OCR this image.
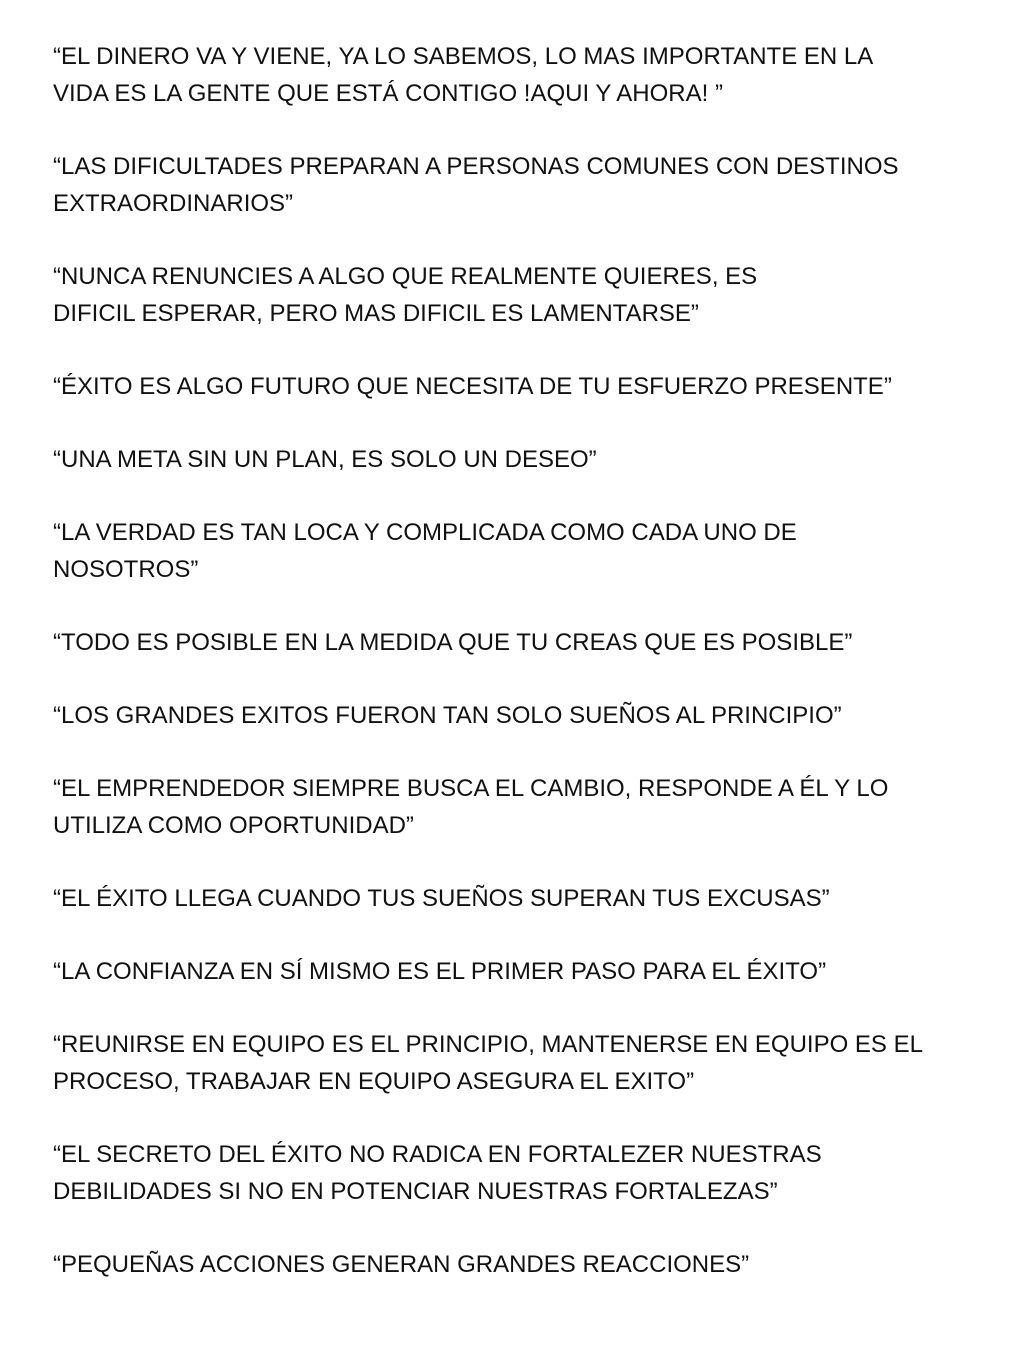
“EL DINERO VA Y VIENE, YA LO SABEMOS, LO MAS IMPORTANTE EN LA
VIDA ES LA GENTE QUE ESTÁ CONTIGO !AQUI Y AHORA! ”
“LAS DIFICULTADES PREPARAN A PERSONAS COMUNES CON DESTINOS
EXTRAORDINARIOS”
“NUNCA RENUNCIES A ALGO QUE REALMENTE QUIERES, ES
DIFICIL ESPERAR, PERO MAS DIFICIL ES LAMENTARSE”
“ÉXITO ES ALGO FUTURO QUE NECESITA DE TU ESFUERZO PRESENTE”
“UNA META SIN UN PLAN, ES SOLO UN DESEO”
“LA VERDAD ES TAN LOCA Y COMPLICADA COMO CADA UNO DE
NOSOTROS”
“TODO ES POSIBLE EN LA MEDIDA QUE TU CREAS QUE ES POSIBLE”
“LOS GRANDES EXITOS FUERON TAN SOLO SUEÑOS AL PRINCIPIO”
“EL EMPRENDEDOR SIEMPRE BUSCA EL CAMBIO, RESPONDE A ÉL Y LO
UTILIZA COMO OPORTUNIDAD”
“EL ÉXITO LLEGA CUANDO TUS SUEÑOS SUPERAN TUS EXCUSAS”
“LA CONFIANZA EN SÍ MISMO ES EL PRIMER PASO PARA EL ÉXITO”
“REUNIRSE EN EQUIPO ES EL PRINCIPIO, MANTENERSE EN EQUIPO ES EL
PROCESO, TRABAJAR EN EQUIPO ASEGURA EL EXITO”
“EL SECRETO DEL ÉXITO NO RADICA EN FORTALEZER NUESTRAS
DEBILIDADES SI NO EN POTENCIAR NUESTRAS FORTALEZAS”
“PEQUEÑAS ACCIONES GENERAN GRANDES REACCIONES”
